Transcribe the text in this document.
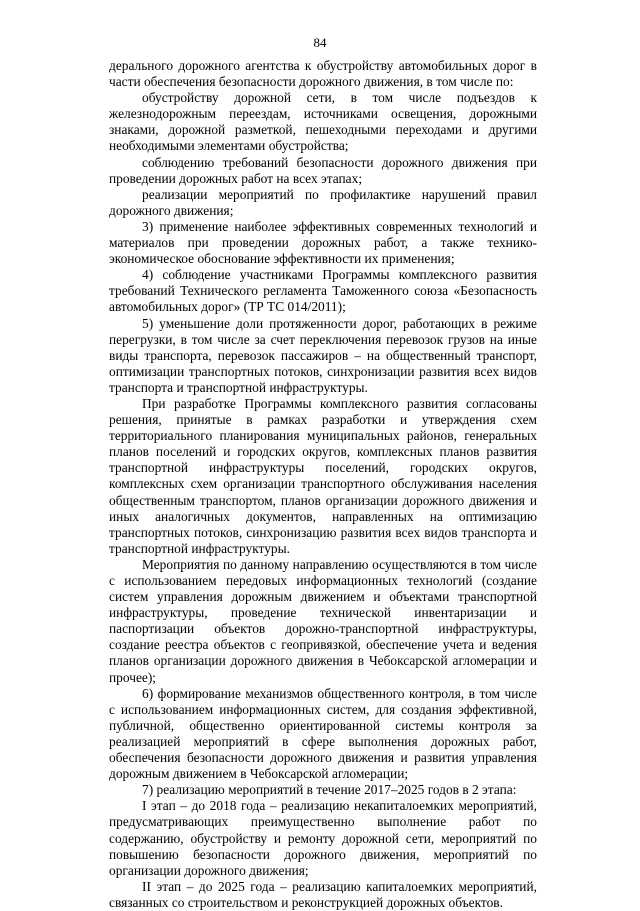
84

дерального дорожного агентства к обустройству автомобильных дорог в части обеспечения безопасности дорожного движения, в том числе по:

обустройству дорожной сети, в том числе подъездов к железнодорожным переездам, источниками освещения, дорожными знаками, дорожной разметкой, пешеходными переходами и другими необходимыми элементами обустройства;

соблюдению требований безопасности дорожного движения при проведении дорожных работ на всех этапах;

реализации мероприятий по профилактике нарушений правил дорожного движения;

3) применение наиболее эффективных современных технологий и материалов при проведении дорожных работ, а также технико-экономическое обоснование эффективности их применения;

4) соблюдение участниками Программы комплексного развития требований Технического регламента Таможенного союза «Безопасность автомобильных дорог» (ТР ТС 014/2011);

5) уменьшение доли протяженности дорог, работающих в режиме перегрузки, в том числе за счет переключения перевозок грузов на иные виды транспорта, перевозок пассажиров – на общественный транспорт, оптимизации транспортных потоков, синхронизации развития всех видов транспорта и транспортной инфраструктуры.

При разработке Программы комплексного развития согласованы решения, принятые в рамках разработки и утверждения схем территориального планирования муниципальных районов, генеральных планов поселений и городских округов, комплексных планов развития транспортной инфраструктуры поселений, городских округов, комплексных схем организации транспортного обслуживания населения общественным транспортом, планов организации дорожного движения и иных аналогичных документов, направленных на оптимизацию транспортных потоков, синхронизацию развития всех видов транспорта и транспортной инфраструктуры.

Мероприятия по данному направлению осуществляются в том числе с использованием передовых информационных технологий (создание систем управления дорожным движением и объектами транспортной инфраструктуры, проведение технической инвентаризации и паспортизации объектов дорожно-транспортной инфраструктуры, создание реестра объектов с геопривязкой, обеспечение учета и ведения планов организации дорожного движения в Чебоксарской агломерации и прочее);

6) формирование механизмов общественного контроля, в том числе с использованием информационных систем, для создания эффективной, публичной, общественно ориентированной системы контроля за реализацией мероприятий в сфере выполнения дорожных работ, обеспечения безопасности дорожного движения и развития управления дорожным движением в Чебоксарской агломерации;

7) реализацию мероприятий в течение 2017–2025 годов в 2 этапа:

I этап – до 2018 года – реализацию некапиталоемких мероприятий, предусматривающих преимущественно выполнение работ по содержанию, обустройству и ремонту дорожной сети, мероприятий по повышению безопасности дорожного движения, мероприятий по организации дорожного движения;

II этап – до 2025 года – реализацию капиталоемких мероприятий, связанных со строительством и реконструкцией дорожных объектов.
